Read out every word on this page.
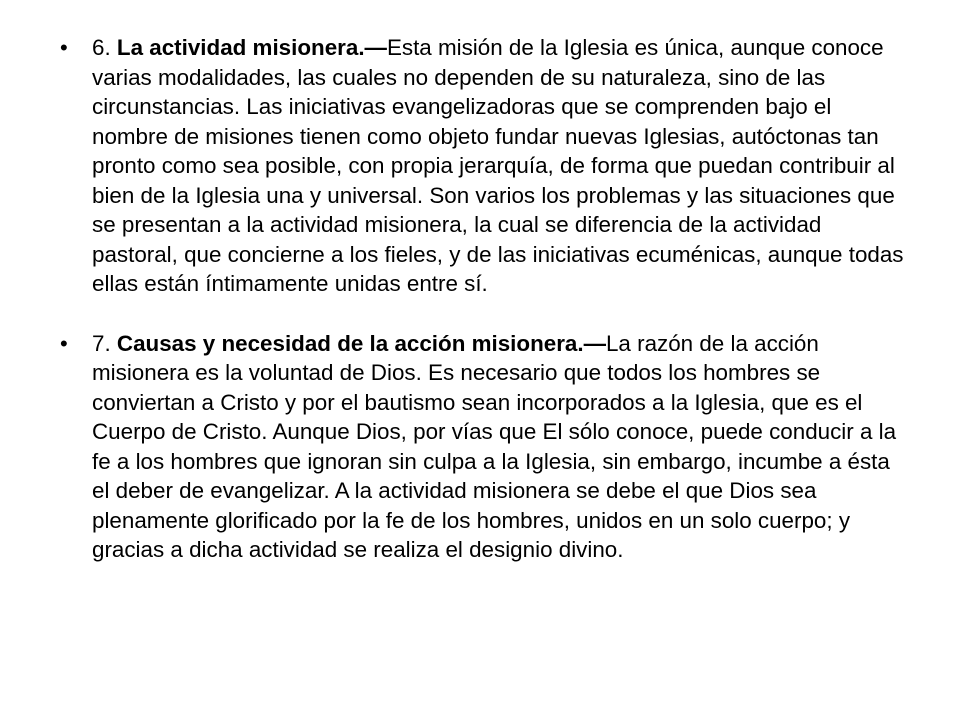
• 6. La actividad misionera.—Esta misión de la Iglesia es única, aunque conoce varias modalidades, las cuales no dependen de su naturaleza, sino de las circunstancias. Las iniciativas evangelizadoras que se comprenden bajo el nombre de misiones tienen como objeto fundar nuevas Iglesias, autóctonas tan pronto como sea posible, con propia jerarquía, de forma que puedan contribuir al bien de la Iglesia una y universal. Son varios los problemas y las situaciones que se presentan a la actividad misionera, la cual se diferencia de la actividad pastoral, que concierne a los fieles, y de las iniciativas ecuménicas, aunque todas ellas están íntimamente unidas entre sí.
• 7. Causas y necesidad de la acción misionera.—La razón de la acción misionera es la voluntad de Dios. Es necesario que todos los hombres se conviertan a Cristo y por el bautismo sean incorporados a la Iglesia, que es el Cuerpo de Cristo. Aunque Dios, por vías que El sólo conoce, puede conducir a la fe a los hombres que ignoran sin culpa a la Iglesia, sin embargo, incumbe a ésta el deber de evangelizar. A la actividad misionera se debe el que Dios sea plenamente glorificado por la fe de los hombres, unidos en un solo cuerpo; y gracias a dicha actividad se realiza el designio divino.
